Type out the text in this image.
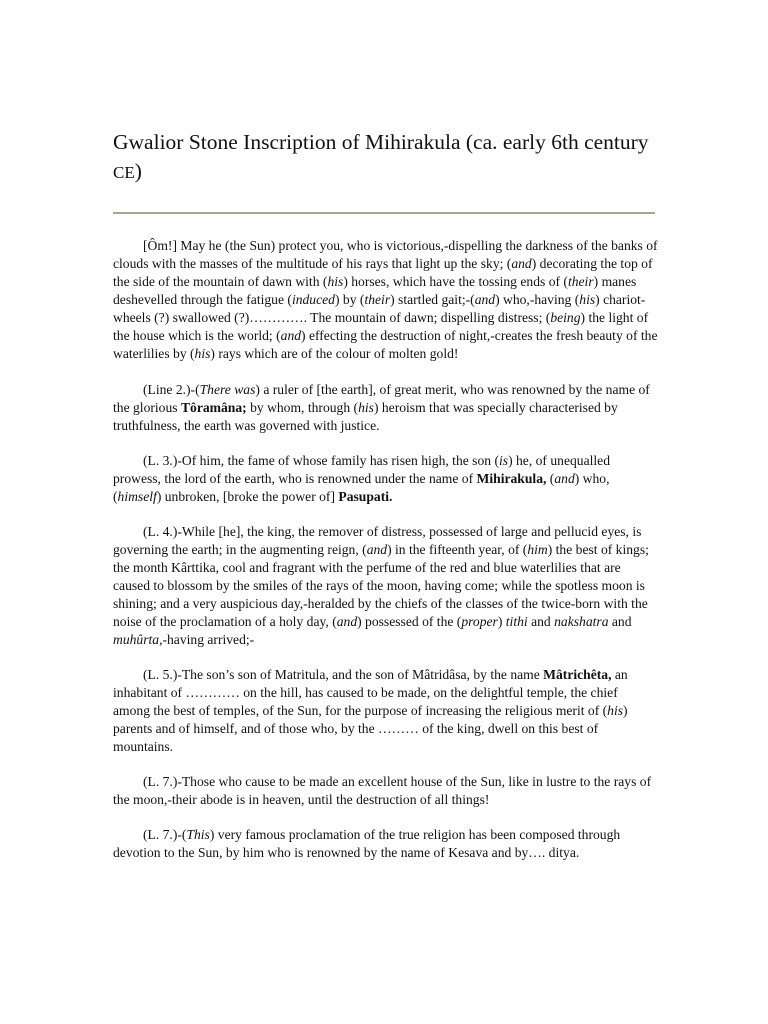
Gwalior Stone Inscription of Mihirakula (ca. early 6th century CE)

[Ôm!] May he (the Sun) protect you, who is victorious,-dispelling the darkness of the banks of clouds with the masses of the multitude of his rays that light up the sky; (and) decorating the top of the side of the mountain of dawn with (his) horses, which have the tossing ends of (their) manes deshevelled through the fatigue (induced) by (their) startled gait;-(and) who,-having (his) chariot-wheels (?) swallowed (?)…………. The mountain of dawn; dispelling distress; (being) the light of the house which is the world; (and) effecting the destruction of night,-creates the fresh beauty of the waterlilies by (his) rays which are of the colour of molten gold!

(Line 2.)-(There was) a ruler of [the earth], of great merit, who was renowned by the name of the glorious Tôramâna; by whom, through (his) heroism that was specially characterised by truthfulness, the earth was governed with justice.

(L. 3.)-Of him, the fame of whose family has risen high, the son (is) he, of unequalled prowess, the lord of the earth, who is renowned under the name of Mihirakula, (and) who, (himself) unbroken, [broke the power of] Pasupati.

(L. 4.)-While [he], the king, the remover of distress, possessed of large and pellucid eyes, is governing the earth; in the augmenting reign, (and) in the fifteenth year, of (him) the best of kings; the month Kârttika, cool and fragrant with the perfume of the red and blue waterlilies that are caused to blossom by the smiles of the rays of the moon, having come; while the spotless moon is shining; and a very auspicious day,-heralded by the chiefs of the classes of the twice-born with the noise of the proclamation of a holy day, (and) possessed of the (proper) tithi and nakshatra and muhûrta,-having arrived;-

(L. 5.)-The son’s son of Matritula, and the son of Mâtridâsa, by the name Mâtrichêta, an inhabitant of ………… on the hill, has caused to be made, on the delightful temple, the chief among the best of temples, of the Sun, for the purpose of increasing the religious merit of (his) parents and of himself, and of those who, by the ……… of the king, dwell on this best of mountains.

(L. 7.)-Those who cause to be made an excellent house of the Sun, like in lustre to the rays of the moon,-their abode is in heaven, until the destruction of all things!

(L. 7.)-(This) very famous proclamation of the true religion has been composed through devotion to the Sun, by him who is renowned by the name of Kesava and by…. ditya.
